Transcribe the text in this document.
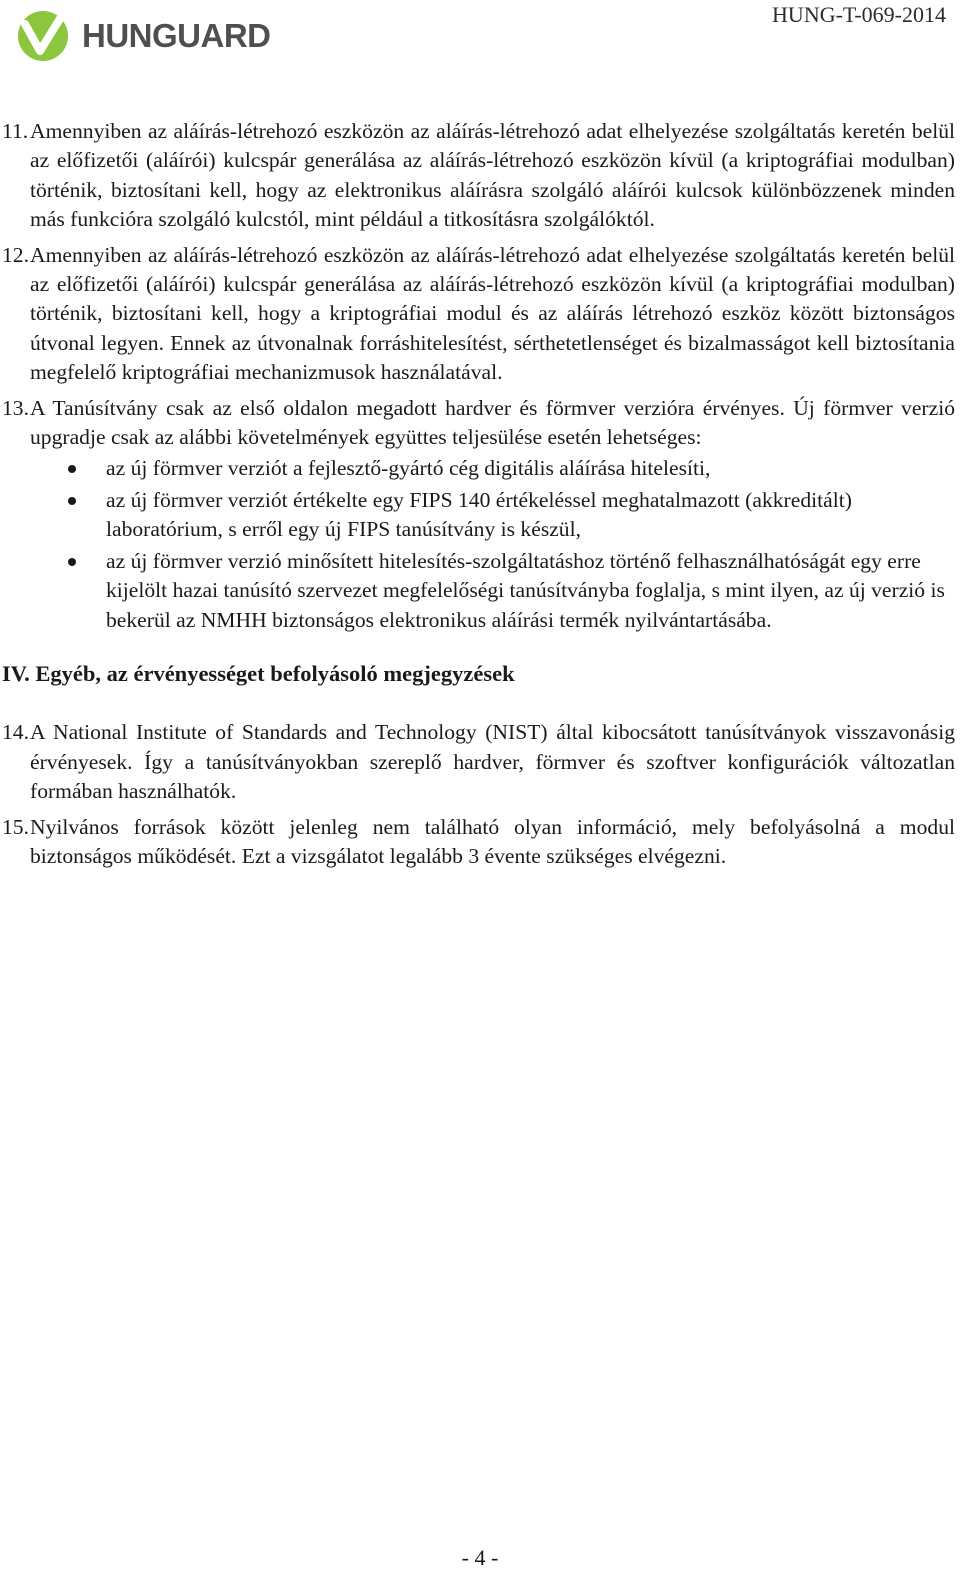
HUNGUARD
HUNG-T-069-2014
11. Amennyiben az aláírás-létrehozó eszközön az aláírás-létrehozó adat elhelyezése szolgáltatás keretén belül az előfizetői (aláírói) kulcspár generálása az aláírás-létrehozó eszközön kívül (a kriptográfiai modulban) történik, biztosítani kell, hogy az elektronikus aláírásra szolgáló aláírói kulcsok különbözzenek minden más funkcióra szolgáló kulcstól, mint például a titkosításra szolgálóktól.
12. Amennyiben az aláírás-létrehozó eszközön az aláírás-létrehozó adat elhelyezése szolgáltatás keretén belül az előfizetői (aláírói) kulcspár generálása az aláírás-létrehozó eszközön kívül (a kriptográfiai modulban) történik, biztosítani kell, hogy a kriptográfiai modul és az aláírás létrehozó eszköz között biztonságos útvonal legyen. Ennek az útvonalnak forráshitelesítést, sérthetetlenséget és bizalmasságot kell biztosítania megfelelő kriptográfiai mechanizmusok használatával.
13. A Tanúsítvány csak az első oldalon megadott hardver és förmver verzióra érvényes. Új förmver verzió upgradje csak az alábbi követelmények együttes teljesülése esetén lehetséges:
az új förmver verziót a fejlesztő-gyártó cég digitális aláírása hitelesíti,
az új förmver verziót értékelte egy FIPS 140 értékeléssel meghatalmazott (akkreditált) laboratórium, s erről egy új FIPS tanúsítvány is készül,
az új förmver verzió minősített hitelesítés-szolgáltatáshoz történő felhasználhatóságát egy erre kijelölt hazai tanúsító szervezet megfelelőségi tanúsítványba foglalja, s mint ilyen, az új verzió is bekerül az NMHH biztonságos elektronikus aláírási termék nyilvántartásába.
IV. Egyéb, az érvényességet befolyásoló megjegyzések
14. A National Institute of Standards and Technology (NIST) által kibocsátott tanúsítványok visszavonásig érvényesek. Így a tanúsítványokban szereplő hardver, förmver és szoftver konfigurációk változatlan formában használhatók.
15. Nyilvános források között jelenleg nem található olyan információ, mely befolyásolná a modul biztonságos működését. Ezt a vizsgálatot legalább 3 évente szükséges elvégezni.
- 4 -
